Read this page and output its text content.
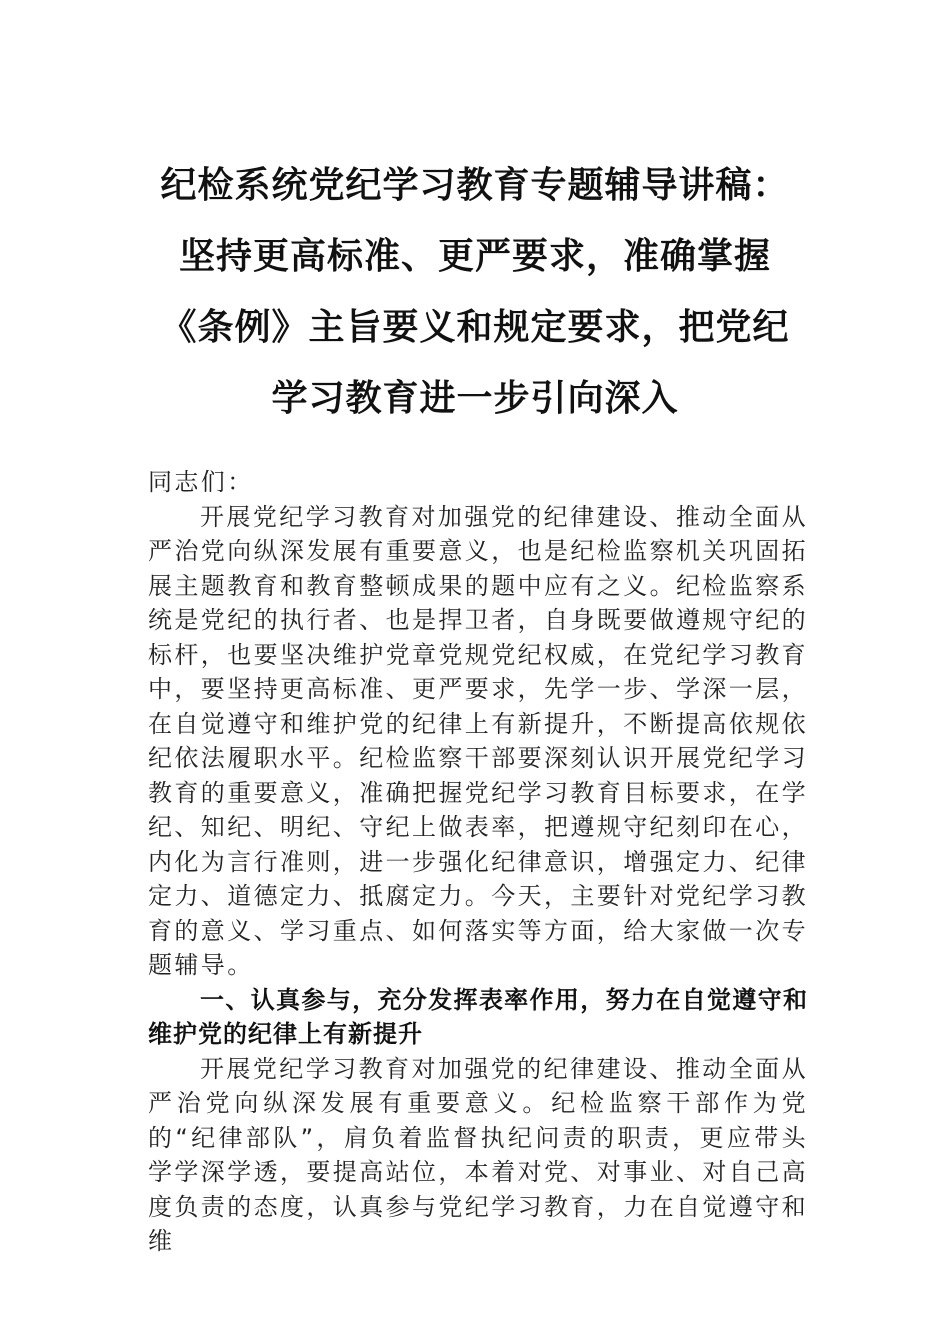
纪检系统党纪学习教育专题辅导讲稿：坚持更高标准、更严要求，准确掌握《条例》主旨要义和规定要求，把党纪学习教育进一步引向深入

同志们：

开展党纪学习教育对加强党的纪律建设、推动全面从严治党向纵深发展有重要意义，也是纪检监察机关巩固拓展主题教育和教育整顿成果的题中应有之义。纪检监察系统是党纪的执行者、也是捍卫者，自身既要做遵规守纪的标杆，也要坚决维护党章党规党纪权威，在党纪学习教育中，要坚持更高标准、更严要求，先学一步、学深一层，在自觉遵守和维护党的纪律上有新提升，不断提高依规依纪依法履职水平。纪检监察干部要深刻认识开展党纪学习教育的重要意义，准确把握党纪学习教育目标要求，在学纪、知纪、明纪、守纪上做表率，把遵规守纪刻印在心，内化为言行准则，进一步强化纪律意识，增强定力、纪律定力、道德定力、抵腐定力。今天，主要针对党纪学习教育的意义、学习重点、如何落实等方面，给大家做一次专题辅导。

一、认真参与，充分发挥表率作用，努力在自觉遵守和维护党的纪律上有新提升

开展党纪学习教育对加强党的纪律建设、推动全面从严治党向纵深发展有重要意义。纪检监察干部作为党的“纪律部队”，肩负着监督执纪问责的职责，更应带头学学深学透，要提高站位，本着对党、对事业、对自己高度负责的态度，认真参与党纪学习教育，力在自觉遵守和维
